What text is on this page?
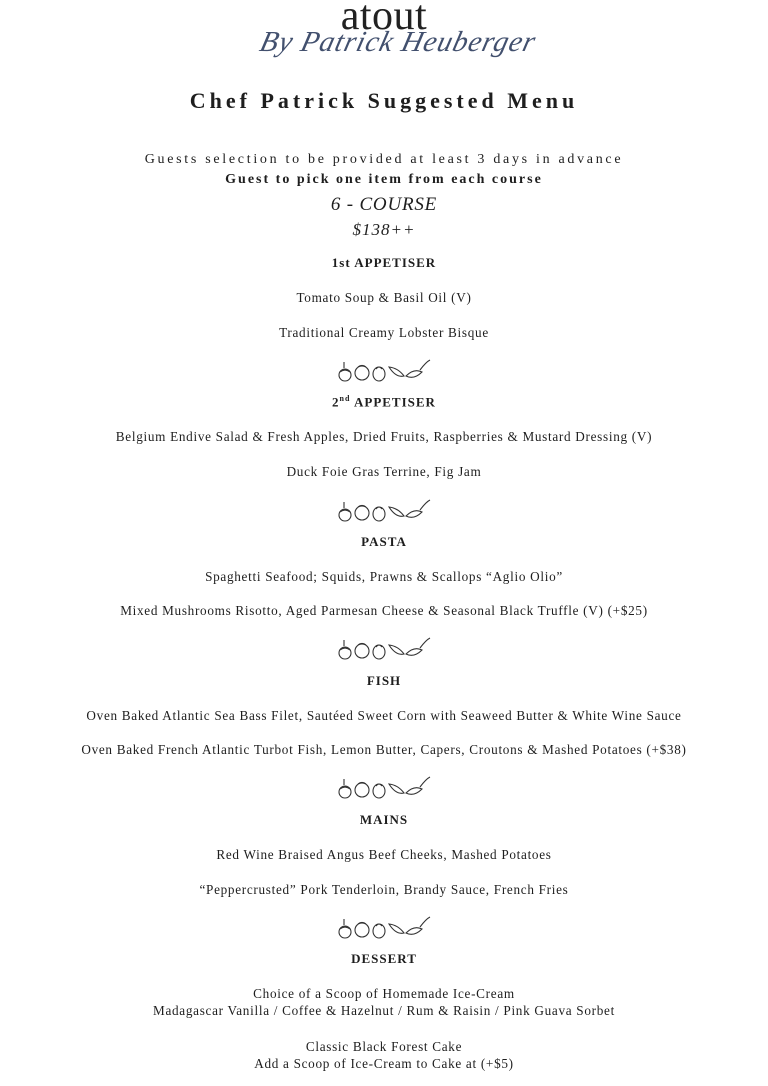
atout
By Patrick Heuberger
Chef Patrick Suggested Menu
Guests selection to be provided at least 3 days in advance
Guest to pick one item from each course
6 - COURSE
$138++
1st APPETISER
Tomato Soup & Basil Oil (V)
Traditional Creamy Lobster Bisque
2nd APPETISER
Belgium Endive Salad & Fresh Apples, Dried Fruits, Raspberries & Mustard Dressing (V)
Duck Foie Gras Terrine, Fig Jam
PASTA
Spaghetti Seafood; Squids, Prawns & Scallops “Aglio Olio”
Mixed Mushrooms Risotto, Aged Parmesan Cheese & Seasonal Black Truffle (V) (+$25)
FISH
Oven Baked Atlantic Sea Bass Filet, Sautéed Sweet Corn with Seaweed Butter & White Wine Sauce
Oven Baked French Atlantic Turbot Fish, Lemon Butter, Capers, Croutons & Mashed Potatoes (+$38)
MAINS
Red Wine Braised Angus Beef Cheeks, Mashed Potatoes
“Peppercrusted” Pork Tenderloin, Brandy Sauce, French Fries
DESSERT
Choice of a Scoop of Homemade Ice-Cream
Madagascar Vanilla / Coffee & Hazelnut / Rum & Raisin / Pink Guava Sorbet
Classic Black Forest Cake
Add a Scoop of Ice-Cream to Cake at (+$5)
